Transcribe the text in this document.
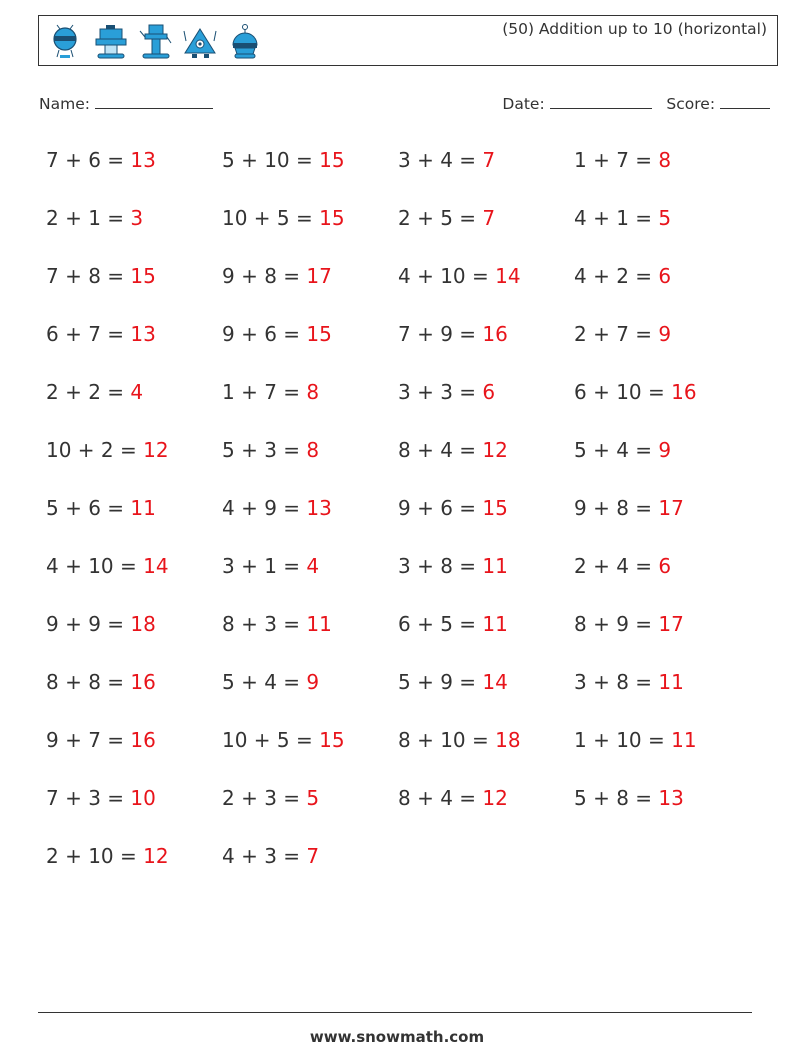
(50) Addition up to 10 (horizontal)
Name:	Date:	Score:
7 + 6 = 13	5 + 10 = 15	3 + 4 = 7	1 + 7 = 8
2 + 1 = 3	10 + 5 = 15	2 + 5 = 7	4 + 1 = 5
7 + 8 = 15	9 + 8 = 17	4 + 10 = 14	4 + 2 = 6
6 + 7 = 13	9 + 6 = 15	7 + 9 = 16	2 + 7 = 9
2 + 2 = 4	1 + 7 = 8	3 + 3 = 6	6 + 10 = 16
10 + 2 = 12	5 + 3 = 8	8 + 4 = 12	5 + 4 = 9
5 + 6 = 11	4 + 9 = 13	9 + 6 = 15	9 + 8 = 17
4 + 10 = 14	3 + 1 = 4	3 + 8 = 11	2 + 4 = 6
9 + 9 = 18	8 + 3 = 11	6 + 5 = 11	8 + 9 = 17
8 + 8 = 16	5 + 4 = 9	5 + 9 = 14	3 + 8 = 11
9 + 7 = 16	10 + 5 = 15	8 + 10 = 18	1 + 10 = 11
7 + 3 = 10	2 + 3 = 5	8 + 4 = 12	5 + 8 = 13
2 + 10 = 12	4 + 3 = 7
www.snowmath.com
